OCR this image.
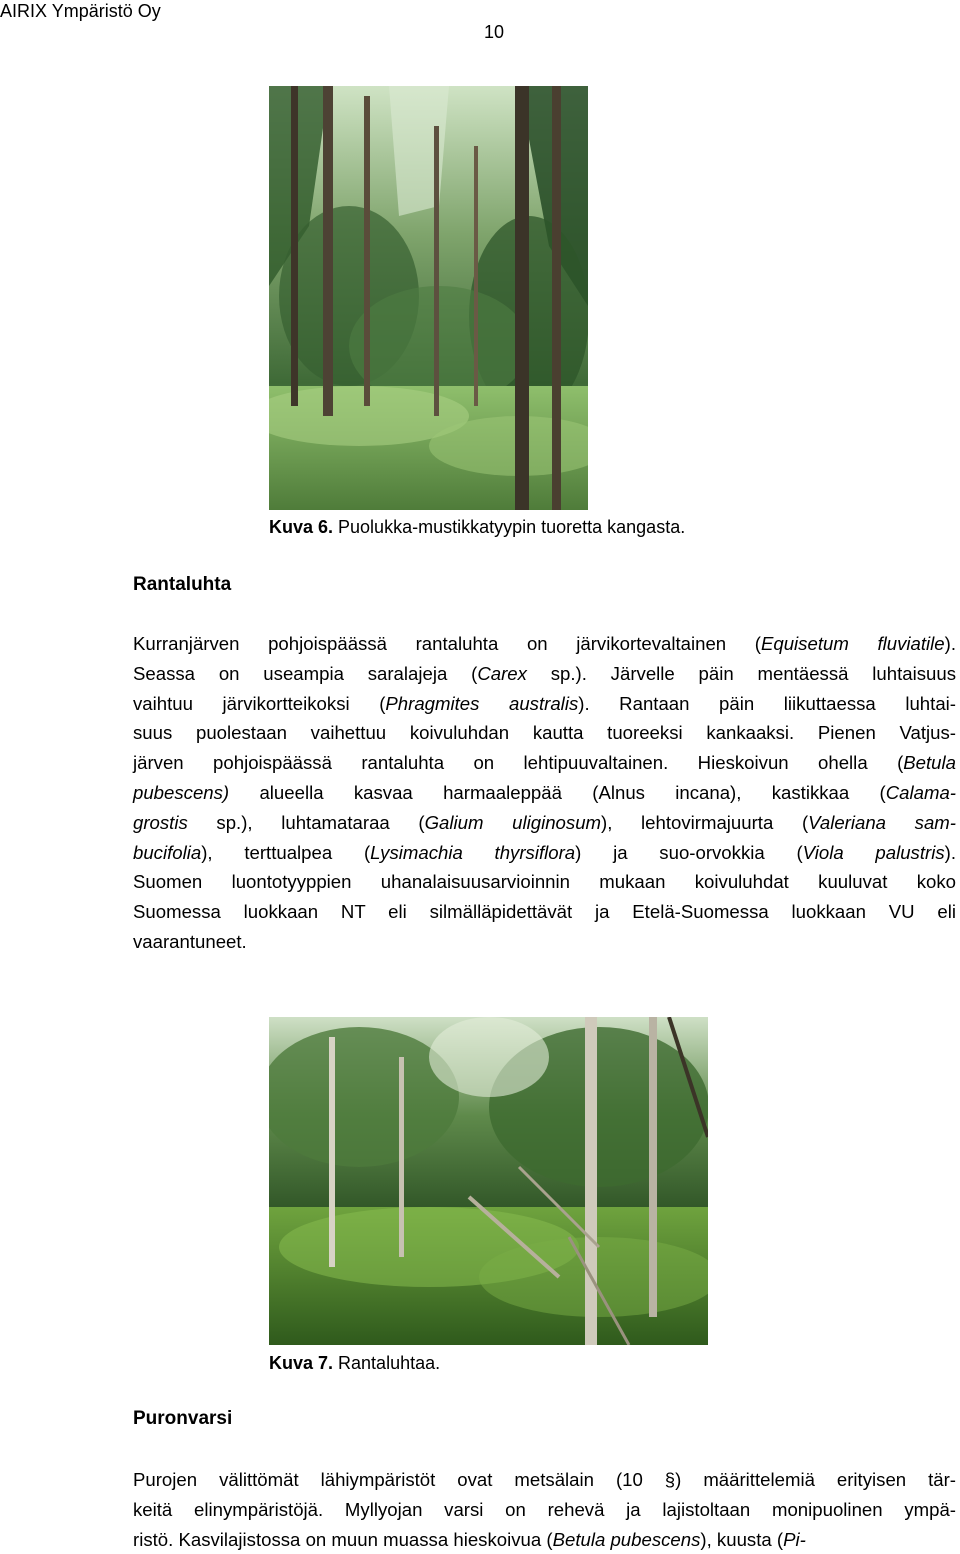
AIRIX Ympäristö Oy
10
Kuva 6. Puolukka-mustikkatyypin tuoretta kangasta.
Rantaluhta
Kurranjärven pohjoispäässä rantaluhta on järvikortevaltainen (Equisetum fluviatile).
Seassa on useampia saralajeja (Carex sp.). Järvelle päin mentäessä luhtaisuus
vaihtuu järvikortteikoksi (Phragmites australis). Rantaan päin liikuttaessa luhtai-
suus puolestaan vaihettuu koivuluhdan kautta tuoreeksi kankaaksi. Pienen Vatjus-
järven pohjoispäässä rantaluhta on lehtipuuvaltainen. Hieskoivun ohella (Betula
pubescens) alueella kasvaa harmaaleppää (Alnus incana), kastikkaa (Calama-
grostis sp.), luhtamataraa (Galium uliginosum), lehtovirmajuurta (Valeriana sam-
bucifolia), terttualpea (Lysimachia thyrsiflora) ja suo-orvokkia (Viola palustris).
Suomen luontotyyppien uhanalaisuusarvioinnin mukaan koivuluhdat kuuluvat koko
Suomessa luokkaan NT eli silmälläpidettävät ja Etelä-Suomessa luokkaan VU eli
vaarantuneet.
Kuva 7. Rantaluhtaa.
Puronvarsi
Purojen välittömät lähiympäristöt ovat metsälain (10 §) määrittelemiä erityisen tär-
keitä elinympäristöjä. Myllyojan varsi on rehevä ja lajistoltaan monipuolinen ympä-
ristö. Kasvilajistossa on muun muassa hieskoivua (Betula pubescens), kuusta (Pi-
